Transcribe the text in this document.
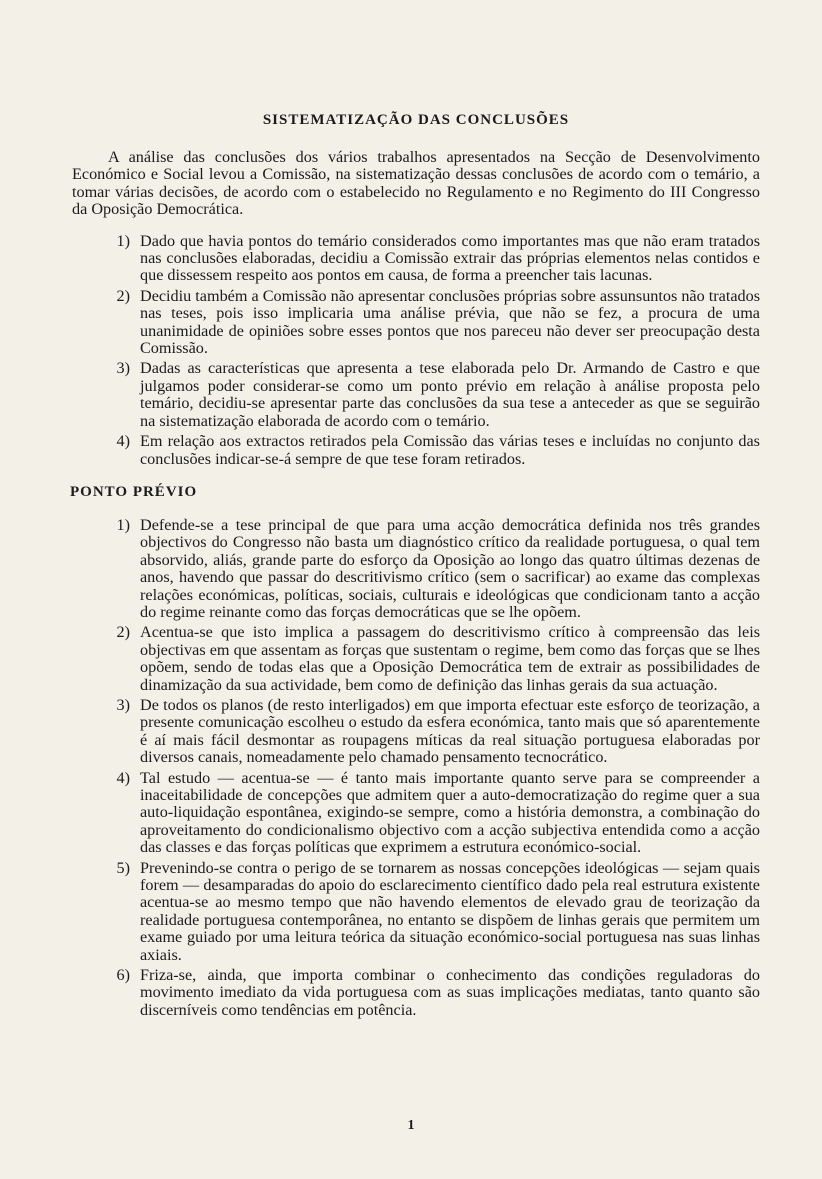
SISTEMATIZAÇÃO DAS CONCLUSÕES

A análise das conclusões dos vários trabalhos apresentados na Secção de Desenvolvimento Económico e Social levou a Comissão, na sistematização dessas conclusões de acordo com o temário, a tomar várias decisões, de acordo com o estabelecido no Regulamento e no Regimento do III Congresso da Oposição Democrática.

1) Dado que havia pontos do temário considerados como importantes mas que não eram tratados nas conclusões elaboradas, decidiu a Comissão extrair das próprias elementos nelas contidos e que dissessem respeito aos pontos em causa, de forma a preencher tais lacunas.
2) Decidiu também a Comissão não apresentar conclusões próprias sobre assunsuntos não tratados nas teses, pois isso implicaria uma análise prévia, que não se fez, a procura de uma unanimidade de opiniões sobre esses pontos que nos pareceu não dever ser preocupação desta Comissão.
3) Dadas as características que apresenta a tese elaborada pelo Dr. Armando de Castro e que julgamos poder considerar-se como um ponto prévio em relação à análise proposta pelo temário, decidiu-se apresentar parte das conclusões da sua tese a anteceder as que se seguirão na sistematização elaborada de acordo com o temário.
4) Em relação aos extractos retirados pela Comissão das várias teses e incluídas no conjunto das conclusões indicar-se-á sempre de que tese foram retirados.
PONTO PRÉVIO
1) Defende-se a tese principal de que para uma acção democrática definida nos três grandes objectivos do Congresso não basta um diagnóstico crítico da realidade portuguesa, o qual tem absorvido, aliás, grande parte do esforço da Oposição ao longo das quatro últimas dezenas de anos, havendo que passar do descritivismo crítico (sem o sacrificar) ao exame das complexas relações económicas, políticas, sociais, culturais e ideológicas que condicionam tanto a acção do regime reinante como das forças democráticas que se lhe opõem.
2) Acentua-se que isto implica a passagem do descritivismo crítico à compreensão das leis objectivas em que assentam as forças que sustentam o regime, bem como das forças que se lhes opõem, sendo de todas elas que a Oposição Democrática tem de extrair as possibilidades de dinamização da sua actividade, bem como de definição das linhas gerais da sua actuação.
3) De todos os planos (de resto interligados) em que importa efectuar este esforço de teorização, a presente comunicação escolheu o estudo da esfera económica, tanto mais que só aparentemente é aí mais fácil desmontar as roupagens míticas da real situação portuguesa elaboradas por diversos canais, nomeadamente pelo chamado pensamento tecnocrático.
4) Tal estudo — acentua-se — é tanto mais importante quanto serve para se compreender a inaceitabilidade de concepções que admitem quer a auto-democratização do regime quer a sua auto-liquidação espontânea, exigindo-se sempre, como a história demonstra, a combinação do aproveitamento do condicionalismo objectivo com a acção subjectiva entendida como a acção das classes e das forças políticas que exprimem a estrutura económico-social.
5) Prevenindo-se contra o perigo de se tornarem as nossas concepções ideológicas — sejam quais forem — desamparadas do apoio do esclarecimento científico dado pela real estrutura existente acentua-se ao mesmo tempo que não havendo elementos de elevado grau de teorização da realidade portuguesa contemporânea, no entanto se dispõem de linhas gerais que permitem um exame guiado por uma leitura teórica da situação económico-social portuguesa nas suas linhas axiais.
6) Friza-se, ainda, que importa combinar o conhecimento das condições reguladoras do movimento imediato da vida portuguesa com as suas implicações mediatas, tanto quanto são discerníveis como tendências em potência.
1
